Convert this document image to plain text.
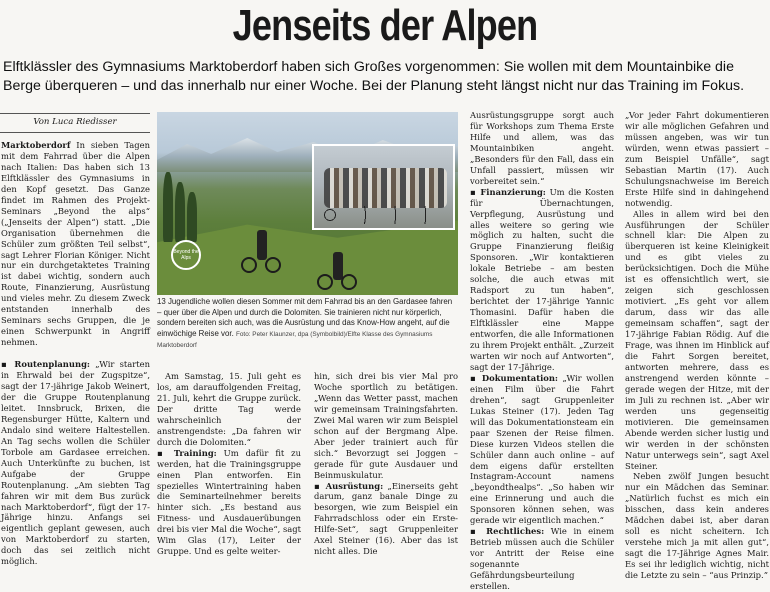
Jenseits der Alpen
Elftklässler des Gymnasiums Marktoberdorf haben sich Großes vorgenommen: Sie wollen mit dem Mountainbike die Berge überqueren – und das innerhalb nur einer Woche. Bei der Planung steht längst nicht nur das Training im Fokus.
Von Luca Riedisser

Marktoberdorf In sieben Tagen mit dem Fahrrad über die Alpen nach Italien: Das haben sich 13 Elftklässler des Gymnasiums in den Kopf gesetzt. Das Ganze findet im Rahmen des Projekt-Seminars „Beyond the alps“ („Jenseits der Alpen“) statt. „Die Organisation übernehmen die Schüler zum größten Teil selbst“, sagt Lehrer Florian Königer. Nicht nur ein durchgetaktetes Training ist dabei wichtig, sondern auch Route, Finanzierung, Ausrüstung und vieles mehr. Zu diesem Zweck entstanden innerhalb des Seminars sechs Gruppen, die je einen Schwerpunkt in Angriff nehmen.

▪ Routenplanung: „Wir starten in Ehrwald bei der Zugspitze“, sagt der 17-jährige Jakob Weinert, der die Gruppe Routenplanung leitet. Innsbruck, Brixen, die Regensburger Hütte, Kaltern und Andalo sind weitere Haltestellen. An Tag sechs wollen die Schüler Torbole am Gardasee erreichen. Auch Unterkünfte zu buchen, ist Aufgabe der Gruppe Routenplanung. „Am siebten Tag fahren wir mit dem Bus zurück nach Marktoberdorf“, fügt der 17-Jährige hinzu. Anfangs sei eigentlich geplant gewesen, auch von Marktoberdorf zu starten, doch das sei zeitlich nicht möglich.

Beyond the Alps
13 Jugendliche wollen diesen Sommer mit dem Fahrrad bis an den Gardasee fahren – quer über die Alpen und durch die Dolomiten. Sie trainieren nicht nur körperlich, sondern bereiten sich auch, was die Ausrüstung und das Know-How angeht, auf die einwöchige Reise vor. Foto: Peter Klaunzer, dpa (Symbolbild)/Elfte Klasse des Gymnasiums Marktoberdorf

Am Samstag, 15. Juli geht es los, am darauffolgenden Freitag, 21. Juli, kehrt die Gruppe zurück. Der dritte Tag werde wahrscheinlich der anstrengendste: „Da fahren wir durch die Dolomiten.“

▪ Training: Um dafür fit zu werden, hat die Trainingsgruppe einen Plan entworfen. Ein spezielles Wintertraining haben die Seminarteilnehmer bereits hinter sich. „Es bestand aus Fitness- und Ausdauerübungen drei bis vier Mal die Woche“, sagt Wim Glas (17), Leiter der Gruppe. Und es gelte weiter-

hin, sich drei bis vier Mal pro Woche sportlich zu betätigen. „Wenn das Wetter passt, machen wir gemeinsam Trainingsfahrten. Zwei Mal waren wir zum Beispiel schon auf der Bergmang Alpe. Aber jeder trainiert auch für sich.“ Bevorzugt sei Joggen – gerade für gute Ausdauer und Beinmuskulatur.

▪ Ausrüstung: „Einerseits geht darum, ganz banale Dinge zu besorgen, wie zum Beispiel ein Fahrradschloss oder ein Erste-Hilfe-Set“, sagt Gruppenleiter Axel Steiner (16). Aber das ist nicht alles. Die

Ausrüstungsgruppe sorgt auch für Workshops zum Thema Erste Hilfe und allem, was das Mountainbiken angeht. „Besonders für den Fall, dass ein Unfall passiert, müssen wir vorbereitet sein.“

▪ Finanzierung: Um die Kosten für Übernachtungen, Verpflegung, Ausrüstung und alles weitere so gering wie möglich zu halten, sucht die Gruppe Finanzierung fleißig Sponsoren. „Wir kontaktieren lokale Betriebe – am besten solche, die auch etwas mit Radsport zu tun haben“, berichtet der 17-jährige Yannic Thomasini. Dafür haben die Elftklässler eine Mappe entworfen, die alle Informationen zu ihrem Projekt enthält. „Zurzeit warten wir noch auf Antworten“, sagt der 17-Jährige.

▪ Dokumentation: „Wir wollen einen Film über die Fahrt drehen“, sagt Gruppenleiter Lukas Steiner (17). Jeden Tag will das Dokumentationsteam ein paar Szenen der Reise filmen. Diese kurzen Videos stellen die Schüler dann auch online – auf dem eigens dafür erstellten Instagram-Account namens „beyondthealps“. „So haben wir eine Erinnerung und auch die Sponsoren können sehen, was gerade wir eigentlich machen.“

▪ Rechtliches: Wie in einem Betrieb müssen auch die Schüler vor Antritt der Reise eine sogenannte Gefährdungsbeurteilung erstellen.

„Vor jeder Fahrt dokumentieren wir alle möglichen Gefahren und müssen angeben, was wir tun würden, wenn etwas passiert – zum Beispiel Unfälle“, sagt Sebastian Martin (17). Auch Schulungsnachweise im Bereich Erste Hilfe sind in dahingehend notwendig.

Alles in allem wird bei den Ausführungen der Schüler schnell klar: Die Alpen zu überqueren ist keine Kleinigkeit und es gibt vieles zu berücksichtigen. Doch die Mühe ist es offensichtlich wert, sie zeigen sich geschlossen motiviert. „Es geht vor allem darum, dass wir das alle gemeinsam schaffen“, sagt der 17-jährige Fabian Rödig. Auf die Frage, was ihnen im Hinblick auf die Fahrt Sorgen bereitet, antworten mehrere, dass es anstrengend werden könnte – gerade wegen der Hitze, mit der im Juli zu rechnen ist. „Aber wir werden uns gegenseitig motivieren. Die gemeinsamen Abende werden sicher lustig und wir werden in der schönsten Natur unterwegs sein“, sagt Axel Steiner.

Neben zwölf Jungen besucht nur ein Mädchen das Seminar. „Natürlich fuchst es mich ein bisschen, dass kein anderes Mädchen dabei ist, aber daran soll es nicht scheitern. Ich verstehe mich ja mit allen gut“, sagt die 17-Jährige Agnes Mair. Es sei ihr lediglich wichtig, nicht die Letzte zu sein – “aus Prinzip.”
